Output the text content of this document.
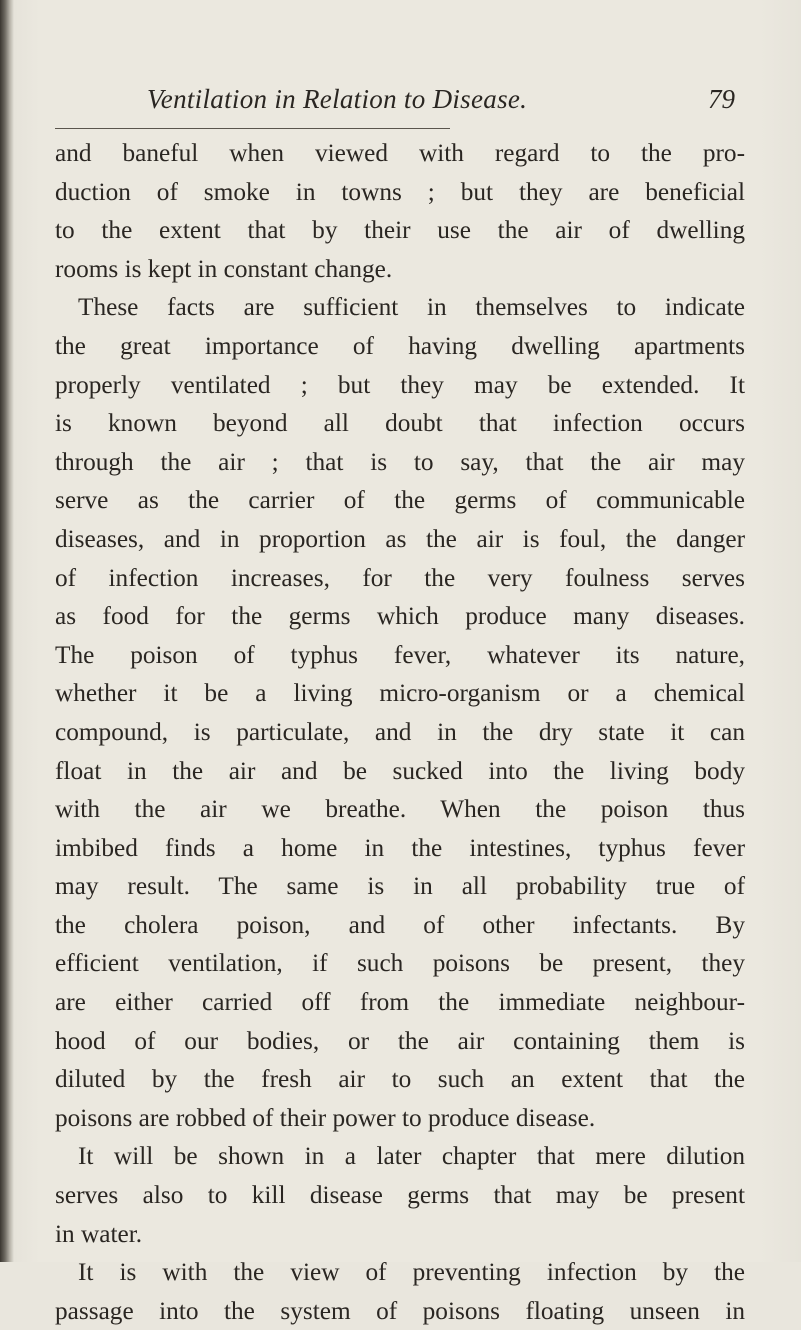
Ventilation in Relation to Disease.	79
and baneful when viewed with regard to the pro-
duction of smoke in towns ; but they are beneficial
to the extent that by their use the air of dwelling
rooms is kept in constant change.
These facts are sufficient in themselves to indicate
the great importance of having dwelling apartments
properly ventilated ; but they may be extended. It
is known beyond all doubt that infection occurs
through the air ; that is to say, that the air may
serve as the carrier of the germs of communicable
diseases, and in proportion as the air is foul, the danger
of infection increases, for the very foulness serves
as food for the germs which produce many diseases.
The poison of typhus fever, whatever its nature,
whether it be a living micro-organism or a chemical
compound, is particulate, and in the dry state it can
float in the air and be sucked into the living body
with the air we breathe. When the poison thus
imbibed finds a home in the intestines, typhus fever
may result. The same is in all probability true of
the cholera poison, and of other infectants. By
efficient ventilation, if such poisons be present, they
are either carried off from the immediate neighbour-
hood of our bodies, or the air containing them is
diluted by the fresh air to such an extent that the
poisons are robbed of their power to produce disease.
It will be shown in a later chapter that mere dilution
serves also to kill disease germs that may be present
in water.
It is with the view of preventing infection by the
passage into the system of poisons floating unseen in
